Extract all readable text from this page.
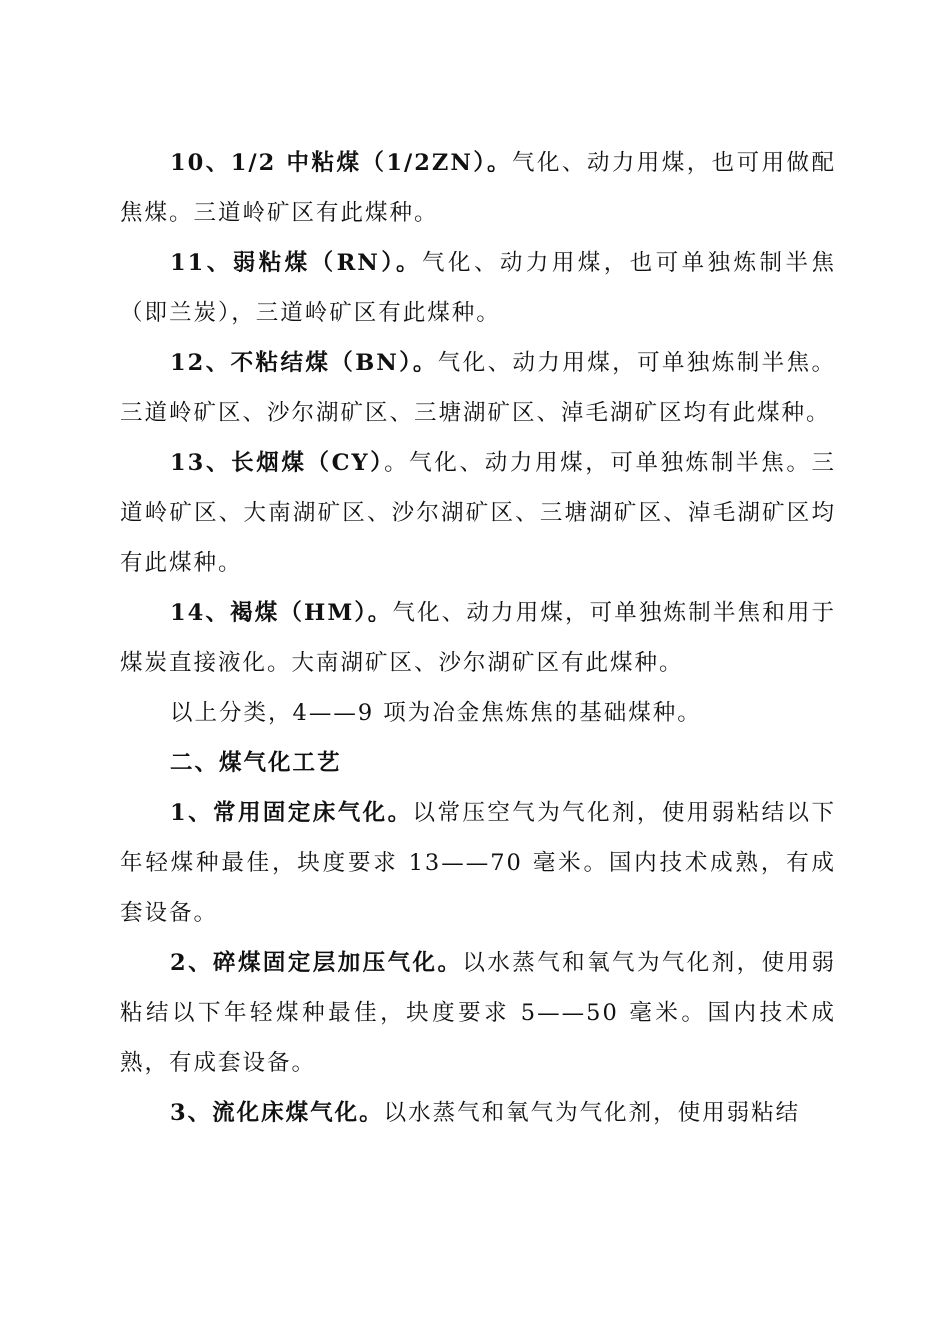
10、1/2 中粘煤（1/2ZN）。气化、动力用煤，也可用做配焦煤。三道岭矿区有此煤种。

11、弱粘煤（RN）。气化、动力用煤，也可单独炼制半焦（即兰炭），三道岭矿区有此煤种。

12、不粘结煤（BN）。气化、动力用煤，可单独炼制半焦。三道岭矿区、沙尔湖矿区、三塘湖矿区、淖毛湖矿区均有此煤种。

13、长烟煤（CY）。气化、动力用煤，可单独炼制半焦。三道岭矿区、大南湖矿区、沙尔湖矿区、三塘湖矿区、淖毛湖矿区均有此煤种。

14、褐煤（HM）。气化、动力用煤，可单独炼制半焦和用于煤炭直接液化。大南湖矿区、沙尔湖矿区有此煤种。

以上分类，4——9 项为冶金焦炼焦的基础煤种。

二、煤气化工艺

1、常用固定床气化。以常压空气为气化剂，使用弱粘结以下年轻煤种最佳，块度要求 13——70 毫米。国内技术成熟，有成套设备。

2、碎煤固定层加压气化。以水蒸气和氧气为气化剂，使用弱粘结以下年轻煤种最佳，块度要求 5——50 毫米。国内技术成熟，有成套设备。

3、流化床煤气化。以水蒸气和氧气为气化剂，使用弱粘结
